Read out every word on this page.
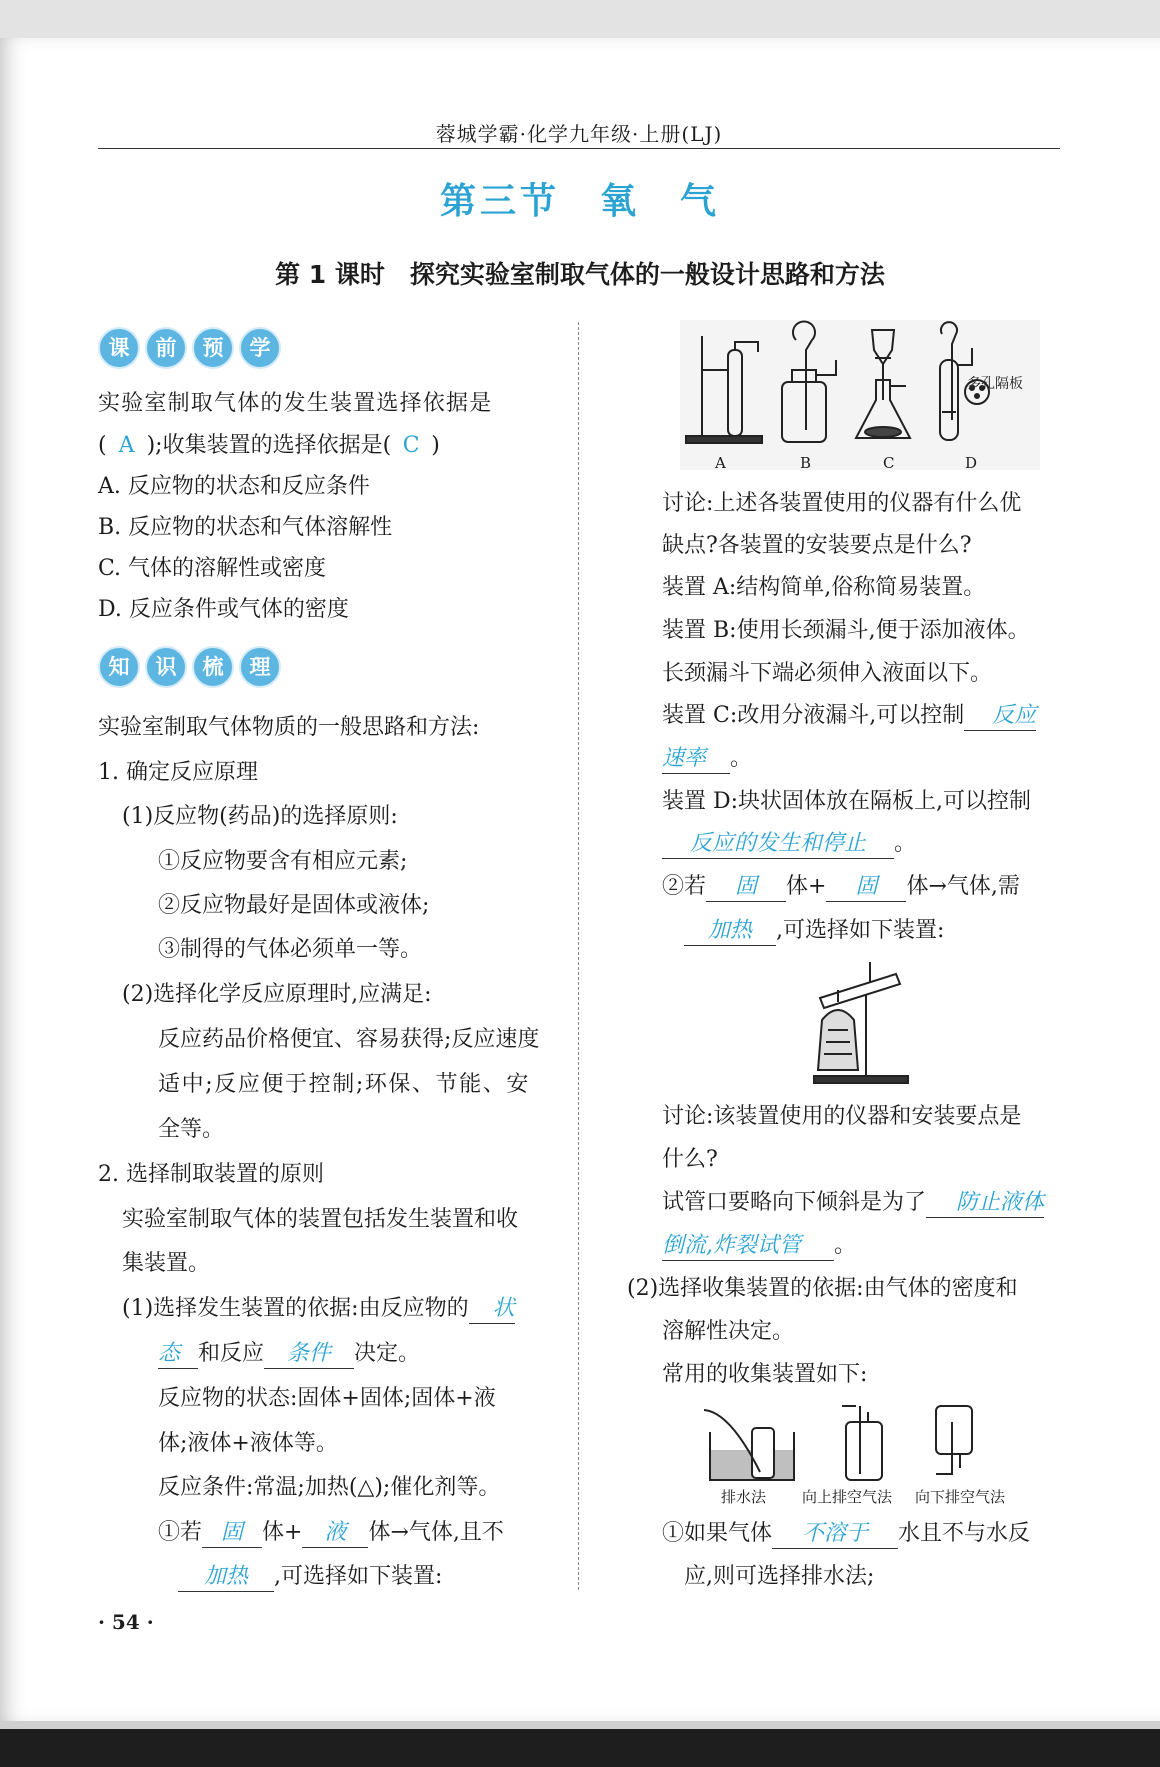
蓉城学霸·化学九年级·上册(LJ)
第三节　氧　气
第 1 课时　探究实验室制取气体的一般设计思路和方法
课	前	预	学
实验室制取气体的发生装置选择依据是
( A );收集装置的选择依据是( C )
A. 反应物的状态和反应条件
B. 反应物的状态和气体溶解性
C. 气体的溶解性或密度
D. 反应条件或气体的密度
知	识	梳	理
实验室制取气体物质的一般思路和方法:
1. 确定反应原理
(1)反应物(药品)的选择原则:
①反应物要含有相应元素;
②反应物最好是固体或液体;
③制得的气体必须单一等。
(2)选择化学反应原理时,应满足:
反应药品价格便宜、容易获得;反应速度
适中;反应便于控制;环保、节能、安
全等。
2. 选择制取装置的原则
实验室制取气体的装置包括发生装置和收
集装置。
(1)选择发生装置的依据:由反应物的 状
态 和反应 条件 决定。
反应物的状态:固体+固体;固体+液
体;液体+液体等。
反应条件:常温;加热(△);催化剂等。
①若 固 体+ 液 体→气体,且不
加热 ,可选择如下装置:
· 54 ·
A	B	C	D
多孔隔板
讨论:上述各装置使用的仪器有什么优
缺点?各装置的安装要点是什么?
装置 A:结构简单,俗称简易装置。
装置 B:使用长颈漏斗,便于添加液体。
长颈漏斗下端必须伸入液面以下。
装置 C:改用分液漏斗,可以控制 反应
速率 。
装置 D:块状固体放在隔板上,可以控制
反应的发生和停止 。
②若 固 体+ 固 体→气体,需
加热 ,可选择如下装置:
讨论:该装置使用的仪器和安装要点是
什么?
试管口要略向下倾斜是为了 防止液体
倒流,炸裂试管 。
(2)选择收集装置的依据:由气体的密度和
溶解性决定。
常用的收集装置如下:
排水法 向上排空气法 向下排空气法
①如果气体 不溶于 水且不与水反
应,则可选择排水法;
